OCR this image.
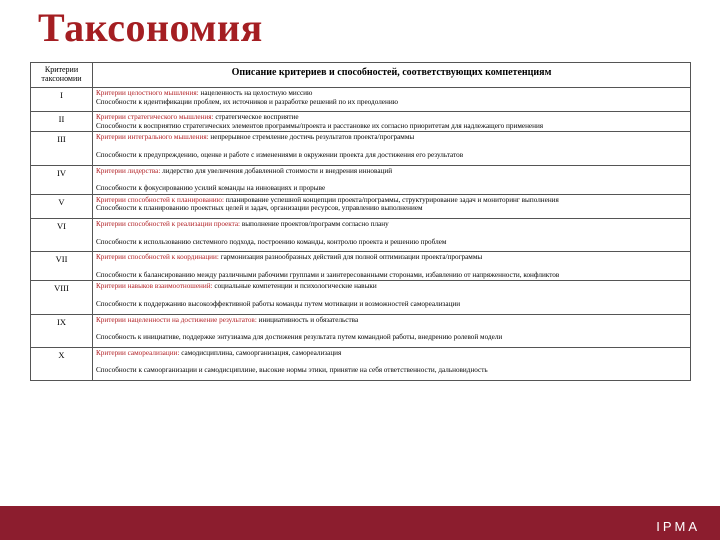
Таксономия
Критерии таксономии	Описание критериев и способностей, соответствующих компетенциям
I	Критерии целостного мышления: нацеленность на целостную миссию
Способности к идентификации проблем, их источников и разработке решений по их преодолению

II	Критерии стратегического мышления: стратегическое восприятие
Способности к восприятию стратегических элементов программы/проекта и расстановке их согласно приоритетам для надлежащего применения

III	Критерии интегрального мышления: непрерывное стремление достичь результатов проекта/программы
Способности к предупреждению, оценке и работе с изменениями в окружении проекта для достижения его результатов

IV	Критерии лидерства: лидерство для увеличения добавленной стоимости и внедрения инноваций
Способности к фокусированию усилий команды на инновациях и прорыве

V	Критерии способностей к планированию: планирование успешной концепции проекта/программы, структурирование задач и мониторинг выполнения
Способности к планированию проектных целей и задач, организации ресурсов, управлению выполнением

VI	Критерии способностей к реализации проекта: выполнение проектов/программ согласно плану
Способности к использованию системного подхода, построению команды, контролю проекта и решению проблем

VII	Критерии способностей к координации: гармонизация разнообразных действий для полной оптимизации проекта/программы
Способности к балансированию между различными рабочими группами и заинтересованными сторонами, избавлению от напряженности, конфликтов

VIII	Критерии навыков взаимоотношений: социальные компетенции и психологические навыки
Способности к поддержанию высокоэффективной работы команды путем мотивации и возможностей самореализации

IX	Критерии нацеленности на достижение результатов: инициативность и обязательства
Способность к инициативе, поддержке энтузиазма для достижения результата путем командной работы, внедрению ролевой модели

X	Критерии самореализации: самодисциплина, самоорганизация, самореализация
Способности к самоорганизации и самодисциплине, высокие нормы этики, принятие на себя ответственности, дальновидность
IPMA
